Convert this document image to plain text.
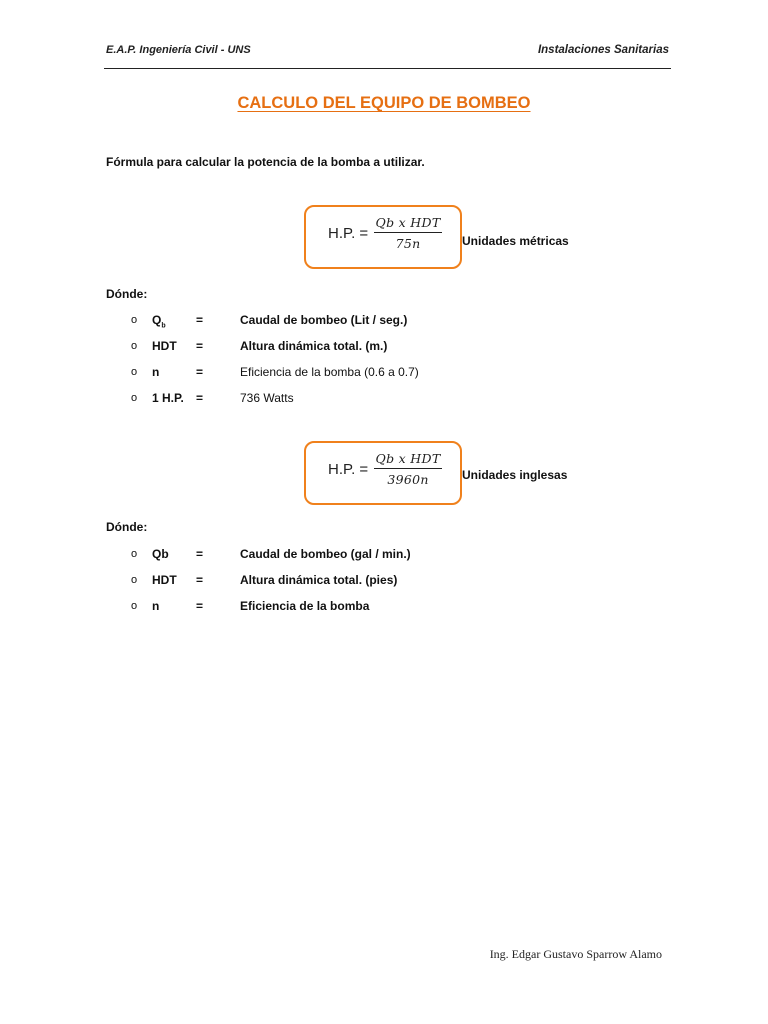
E.A.P. Ingeniería Civil - UNS	Instalaciones Sanitarias
CALCULO DEL EQUIPO DE BOMBEO
Fórmula para calcular la potencia de la bomba a utilizar.
H.P. =
Qb x HDT
75n	Unidades métricas
Dónde:
o $Q_b$	=	Caudal de bombeo (Lit / seg.)
o HDT =	Altura dinámica total. (m.)
o n	=	Eficiencia de la bomba (0.6 a 0.7)
o 1 H.P. =	736 Watts
H.P. =
Qb x HDT
3960n	Unidades inglesas
Dónde:
o Qb =	Caudal de bombeo (gal / min.)
o HDT =	Altura dinámica total. (pies)
o n	=	Eficiencia de la bomba
Ing. Edgar Gustavo Sparrow Alamo
